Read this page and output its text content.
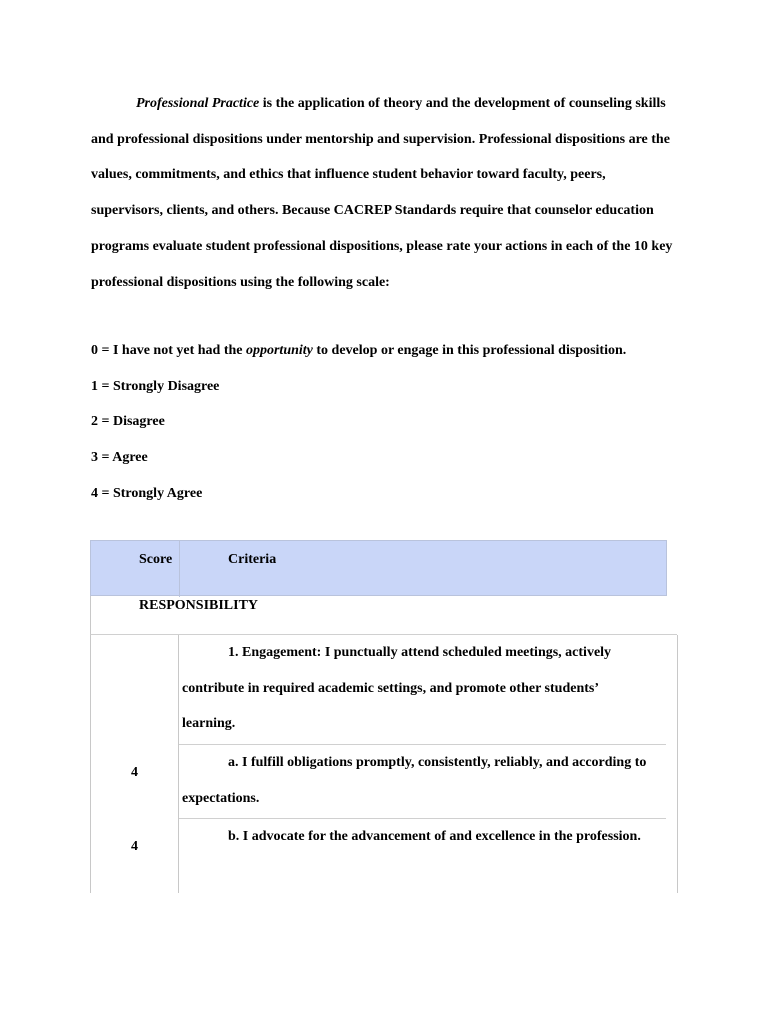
Professional Practice is the application of theory and the development of counseling skills and professional dispositions under mentorship and supervision. Professional dispositions are the values, commitments, and ethics that influence student behavior toward faculty, peers, supervisors, clients, and others. Because CACREP Standards require that counselor education programs evaluate student professional dispositions, please rate your actions in each of the 10 key professional dispositions using the following scale:

0 = I have not yet had the opportunity to develop or engage in this professional disposition.

1 = Strongly Disagree

2 = Disagree

3 = Agree

4 = Strongly Agree

Score	Criteria
RESPONSIBILITY

1. Engagement: I punctually attend scheduled meetings, actively contribute in required academic settings, and promote other students’ learning.

4

a. I fulfill obligations promptly, consistently, reliably, and according to expectations.

4

b. I advocate for the advancement of and excellence in the profession.
